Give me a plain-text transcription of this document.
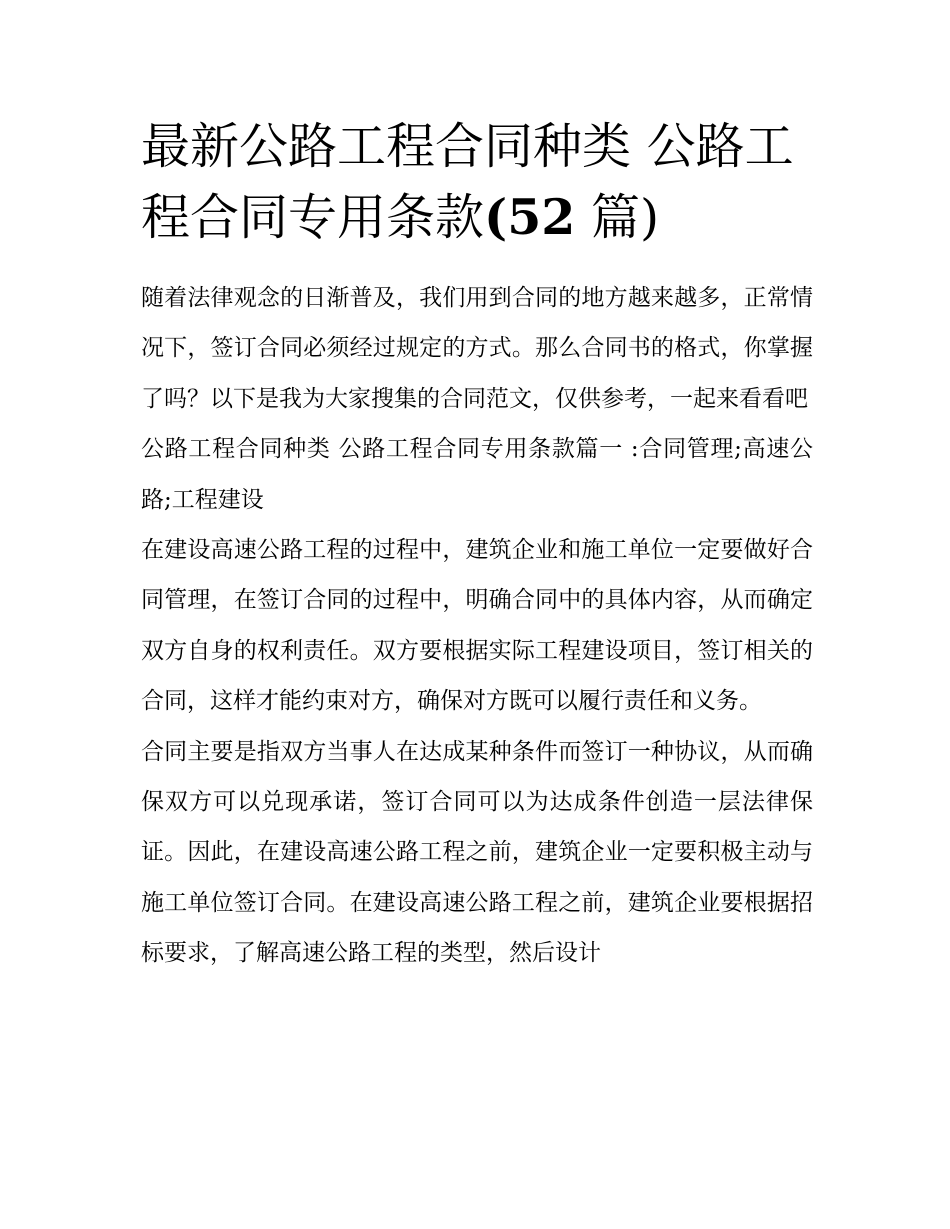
最新公路工程合同种类 公路工程合同专用条款(52 篇)

随着法律观念的日渐普及，我们用到合同的地方越来越多，正常情况下，签订合同必须经过规定的方式。那么合同书的格式，你掌握了吗？以下是我为大家搜集的合同范文，仅供参考，一起来看看吧

公路工程合同种类 公路工程合同专用条款篇一 :合同管理;高速公路;工程建设

在建设高速公路工程的过程中，建筑企业和施工单位一定要做好合同管理，在签订合同的过程中，明确合同中的具体内容，从而确定双方自身的权利责任。双方要根据实际工程建设项目，签订相关的合同，这样才能约束对方，确保对方既可以履行责任和义务。

合同主要是指双方当事人在达成某种条件而签订一种协议，从而确保双方可以兑现承诺，签订合同可以为达成条件创造一层法律保证。因此，在建设高速公路工程之前，建筑企业一定要积极主动与施工单位签订合同。在建设高速公路工程之前，建筑企业要根据招标要求，了解高速公路工程的类型，然后设计
